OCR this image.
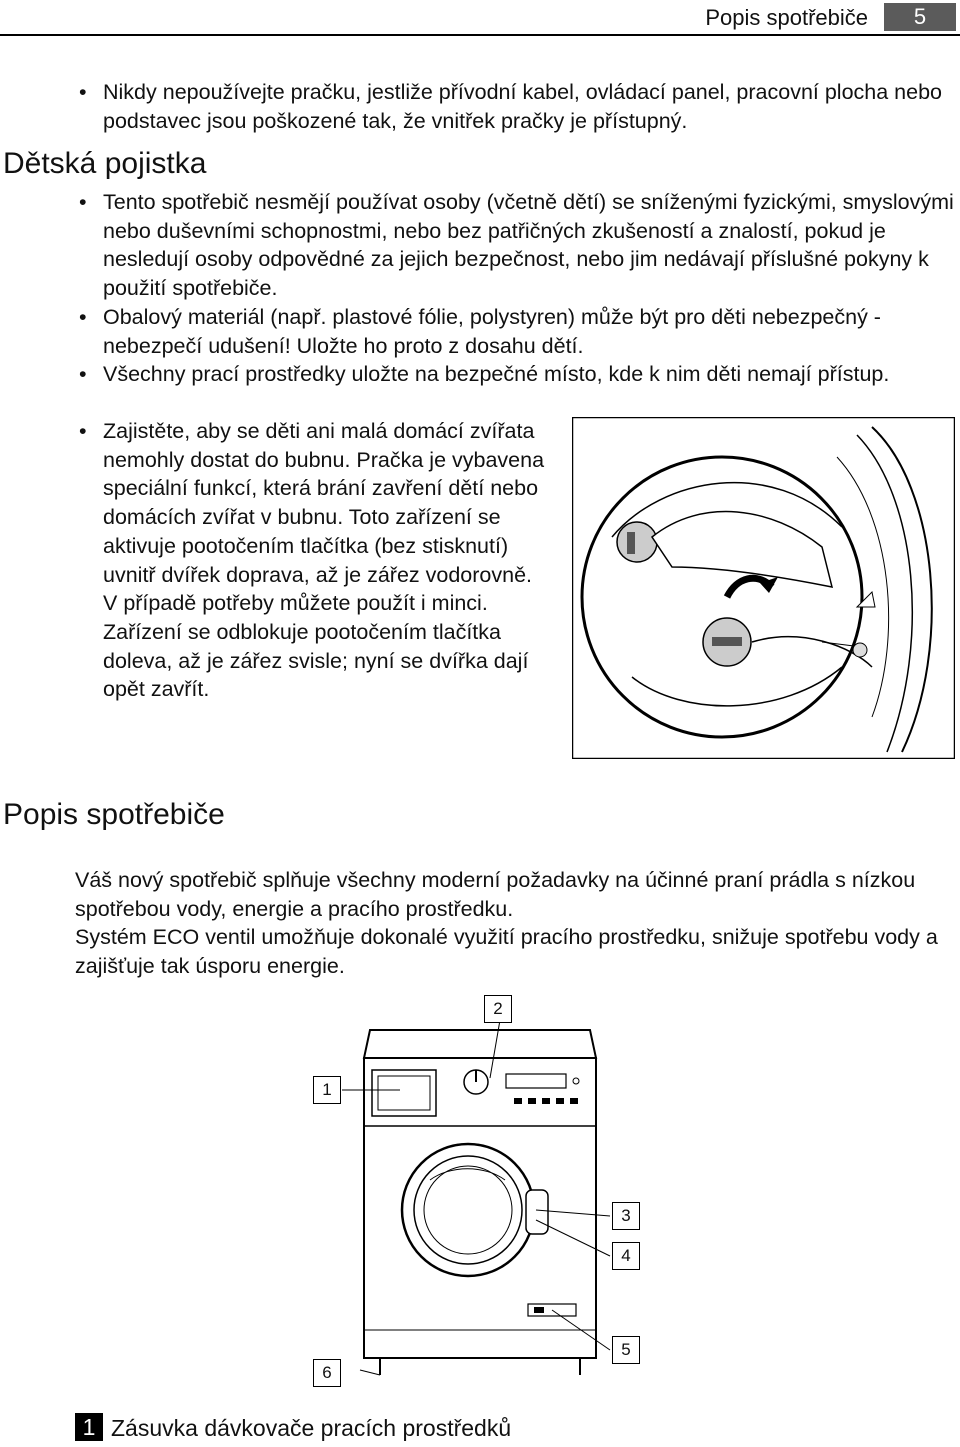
Popis spotřebiče	5
• Nikdy nepoužívejte pračku, jestliže přívodní kabel, ovládací panel, pracovní plocha nebo podstavec jsou poškozené tak, že vnitřek pračky je přístupný.
Dětská pojistka
• Tento spotřebič nesmějí používat osoby (včetně dětí) se sníženými fyzickými, smyslovými nebo duševními schopnostmi, nebo bez patřičných zkušeností a znalostí, pokud je nesledují osoby odpovědné za jejich bezpečnost, nebo jim nedávají příslušné pokyny k použití spotřebiče.
• Obalový materiál (např. plastové fólie, polystyren) může být pro děti nebezpečný - nebezpečí udušení! Uložte ho proto z dosahu dětí.
• Všechny prací prostředky uložte na bezpečné místo, kde k nim děti nemají přístup.
• Zajistěte, aby se děti ani malá domácí zvířata nemohly dostat do bubnu. Pračka je vybavena speciální funkcí, která brání zavření dětí nebo domácích zvířat v bubnu. Toto zařízení se aktivuje pootočením tlačítka (bez stisknutí) uvnitř dvířek doprava, až je zářez vodorovně. V případě potřeby můžete použít i minci. Zařízení se odblokuje pootočením tlačítka doleva, až je zářez svisle; nyní se dvířka dají opět zavřít.
Popis spotřebiče

Váš nový spotřebič splňuje všechny moderní požadavky na účinné praní prádla s nízkou spotřebou vody, energie a pracího prostředku.

Systém ECO ventil umožňuje dokonalé využití pracího prostředku, snižuje spotřebu vody a zajišťuje tak úsporu energie.

2
1
3
4
5
6
1 Zásuvka dávkovače pracích prostředků
